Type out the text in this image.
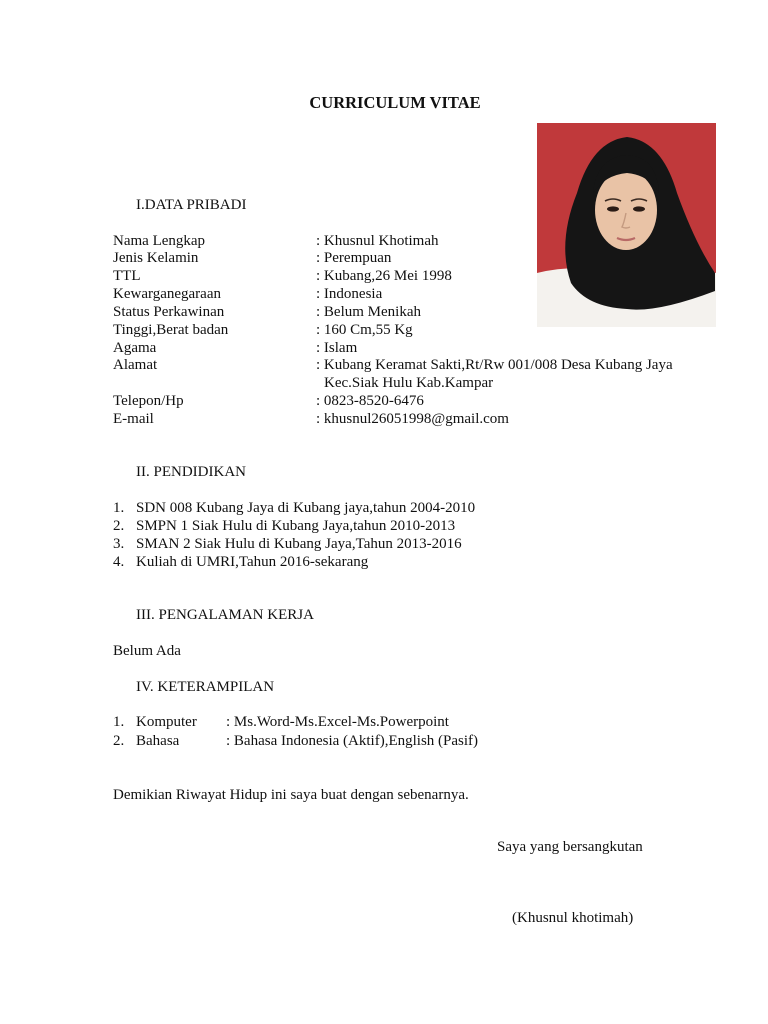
CURRICULUM VITAE
I.DATA PRIBADI
Nama Lengkap	: Khusnul Khotimah
Jenis Kelamin	: Perempuan
TTL	: Kubang,26 Mei 1998
Kewarganegaraan	: Indonesia
Status Perkawinan	: Belum Menikah
Tinggi,Berat badan	: 160 Cm,55 Kg
Agama	: Islam
Alamat	: Kubang Keramat Sakti,Rt/Rw 001/008 Desa Kubang Jaya
Kec.Siak Hulu Kab.Kampar
Telepon/Hp	: 0823-8520-6476
E-mail	: khusnul26051998@gmail.com
II. PENDIDIKAN
1. SDN 008 Kubang Jaya di Kubang jaya,tahun 2004-2010
2. SMPN 1 Siak Hulu di Kubang Jaya,tahun 2010-2013
3. SMAN 2 Siak Hulu di Kubang Jaya,Tahun 2013-2016
4. Kuliah di UMRI,Tahun 2016-sekarang
III. PENGALAMAN KERJA
Belum Ada
IV. KETERAMPILAN
1. Komputer : Ms.Word-Ms.Excel-Ms.Powerpoint
2. Bahasa	: Bahasa Indonesia (Aktif),English (Pasif)
Demikian Riwayat Hidup ini saya buat dengan sebenarnya.
Saya yang bersangkutan
(Khusnul khotimah)
